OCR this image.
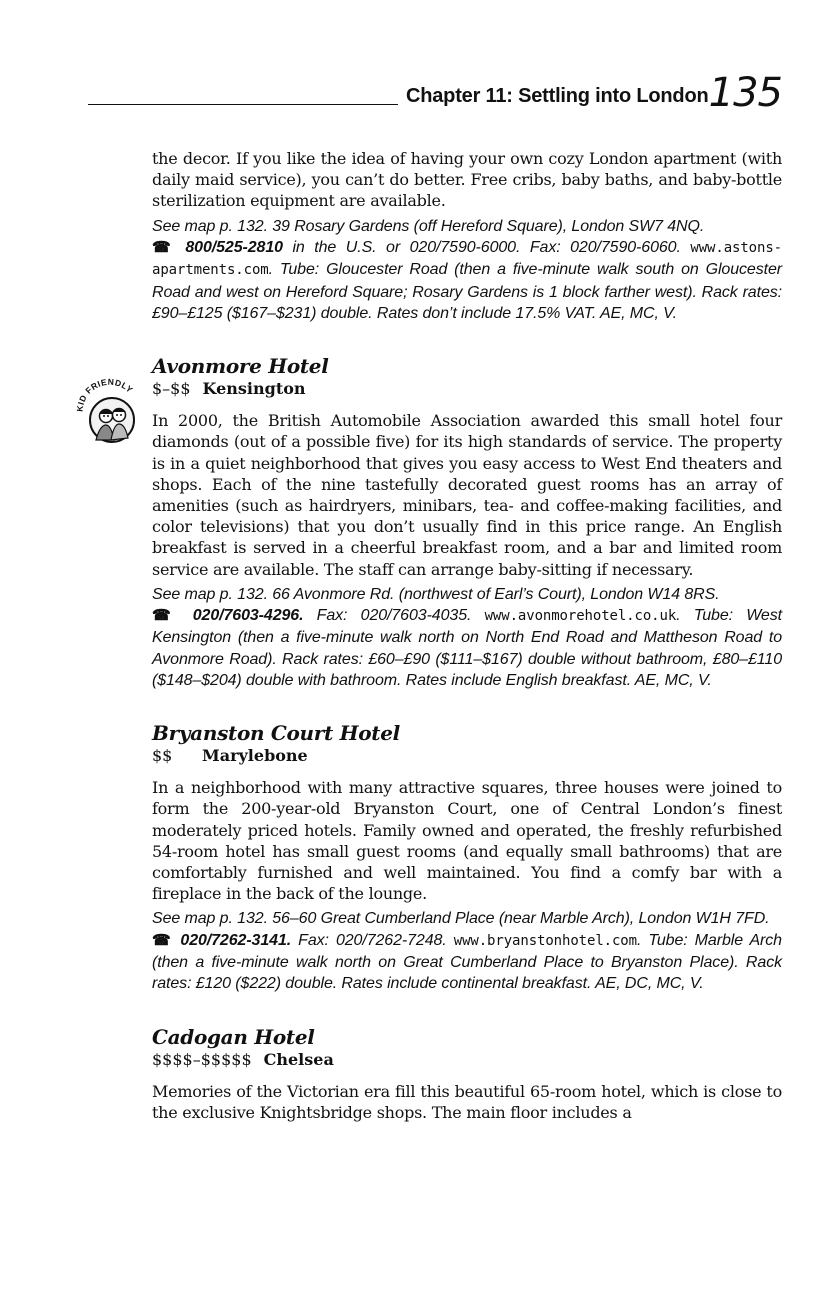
Chapter 11: Settling into London 135
KID FRIENDLY

the decor. If you like the idea of having your own cozy London apartment (with daily maid service), you can’t do better. Free cribs, baby baths, and baby-bottle sterilization equipment are available.

See map p. 132. 39 Rosary Gardens (off Hereford Square), London SW7 4NQ.
☎ 800/525-2810 in the U.S. or 020/7590-6000. Fax: 020/7590-6060. www.astons-apartments.com. Tube: Gloucester Road (then a five-minute walk south on Gloucester Road and west on Hereford Square; Rosary Gardens is 1 block farther west). Rack rates: £90–£125 ($167–$231) double. Rates don’t include 17.5% VAT. AE, MC, V.

Avonmore Hotel

$–$$ Kensington

In 2000, the British Automobile Association awarded this small hotel four diamonds (out of a possible five) for its high standards of service. The property is in a quiet neighborhood that gives you easy access to West End theaters and shops. Each of the nine tastefully decorated guest rooms has an array of amenities (such as hairdryers, minibars, tea- and coffee-making facilities, and color televisions) that you don’t usually find in this price range. An English breakfast is served in a cheerful breakfast room, and a bar and limited room service are available. The staff can arrange baby-sitting if necessary.

See map p. 132. 66 Avonmore Rd. (northwest of Earl’s Court), London W14 8RS.
☎ 020/7603-4296. Fax: 020/7603-4035. www.avonmorehotel.co.uk. Tube: West Kensington (then a five-minute walk north on North End Road and Mattheson Road to Avonmore Road). Rack rates: £60–£90 ($111–$167) double without bathroom, £80–£110 ($148–$204) double with bathroom. Rates include English breakfast. AE, MC, V.

Bryanston Court Hotel

$$ Marylebone

In a neighborhood with many attractive squares, three houses were joined to form the 200-year-old Bryanston Court, one of Central London’s finest moderately priced hotels. Family owned and operated, the freshly refurbished 54-room hotel has small guest rooms (and equally small bathrooms) that are comfortably furnished and well maintained. You find a comfy bar with a fireplace in the back of the lounge.

See map p. 132. 56–60 Great Cumberland Place (near Marble Arch), London W1H 7FD.
☎ 020/7262-3141. Fax: 020/7262-7248. www.bryanstonhotel.com. Tube: Marble Arch (then a five-minute walk north on Great Cumberland Place to Bryanston Place). Rack rates: £120 ($222) double. Rates include continental breakfast. AE, DC, MC, V.

Cadogan Hotel

$$$$–$$$$$ Chelsea

Memories of the Victorian era fill this beautiful 65-room hotel, which is close to the exclusive Knightsbridge shops. The main floor includes a
